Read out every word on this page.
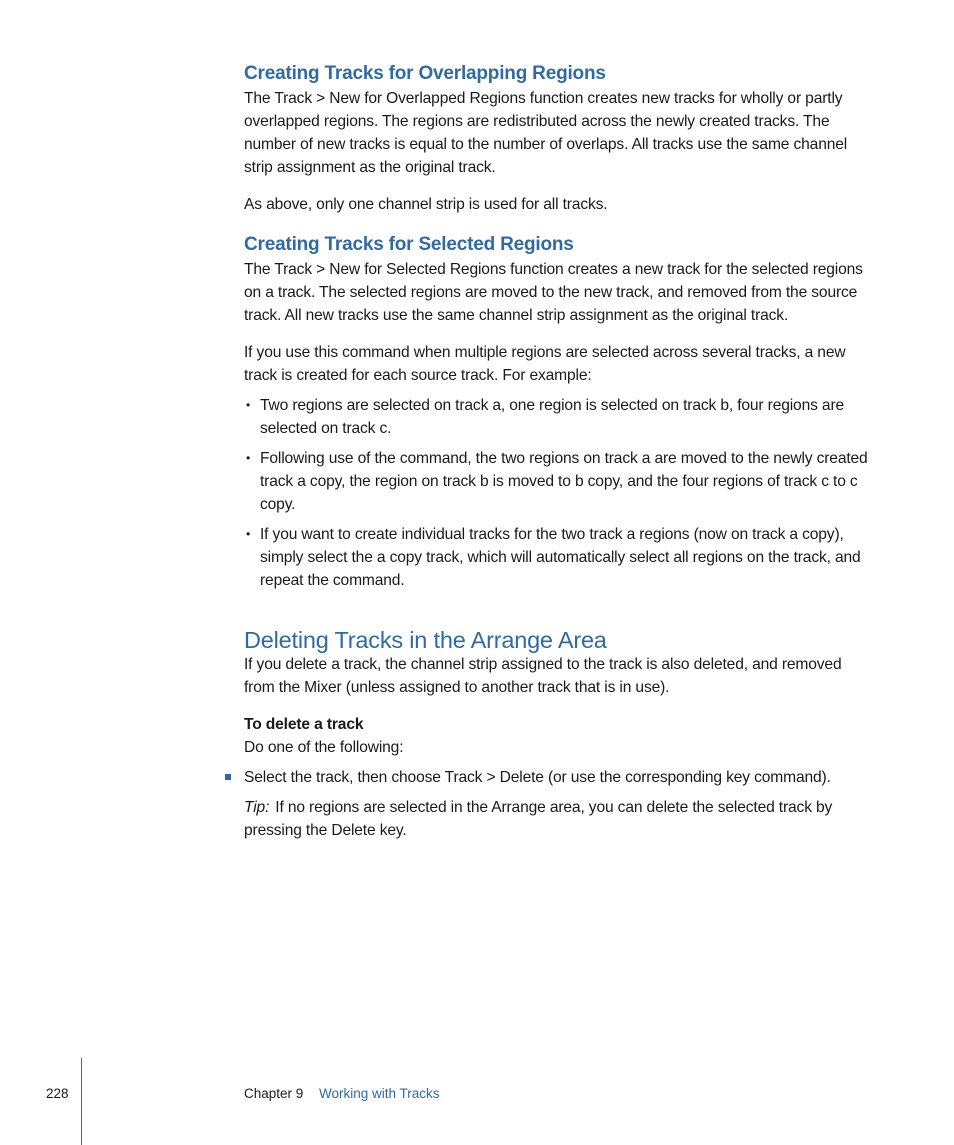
Creating Tracks for Overlapping Regions

The Track > New for Overlapped Regions function creates new tracks for wholly or partly overlapped regions. The regions are redistributed across the newly created tracks. The number of new tracks is equal to the number of overlaps. All tracks use the same channel strip assignment as the original track.

As above, only one channel strip is used for all tracks.

Creating Tracks for Selected Regions

The Track > New for Selected Regions function creates a new track for the selected regions on a track. The selected regions are moved to the new track, and removed from the source track. All new tracks use the same channel strip assignment as the original track.

If you use this command when multiple regions are selected across several tracks, a new track is created for each source track. For example:

• Two regions are selected on track a, one region is selected on track b, four regions are selected on track c.
• Following use of the command, the two regions on track a are moved to the newly created track a copy, the region on track b is moved to b copy, and the four regions of track c to c copy.
• If you want to create individual tracks for the two track a regions (now on track a copy), simply select the a copy track, which will automatically select all regions on the track, and repeat the command.
Deleting Tracks in the Arrange Area

If you delete a track, the channel strip assigned to the track is also deleted, and removed from the Mixer (unless assigned to another track that is in use).

To delete a track

Do one of the following:

Select the track, then choose Track > Delete (or use the corresponding key command).

Tip: If no regions are selected in the Arrange area, you can delete the selected track by pressing the Delete key.

228	Chapter 9 Working with Tracks
